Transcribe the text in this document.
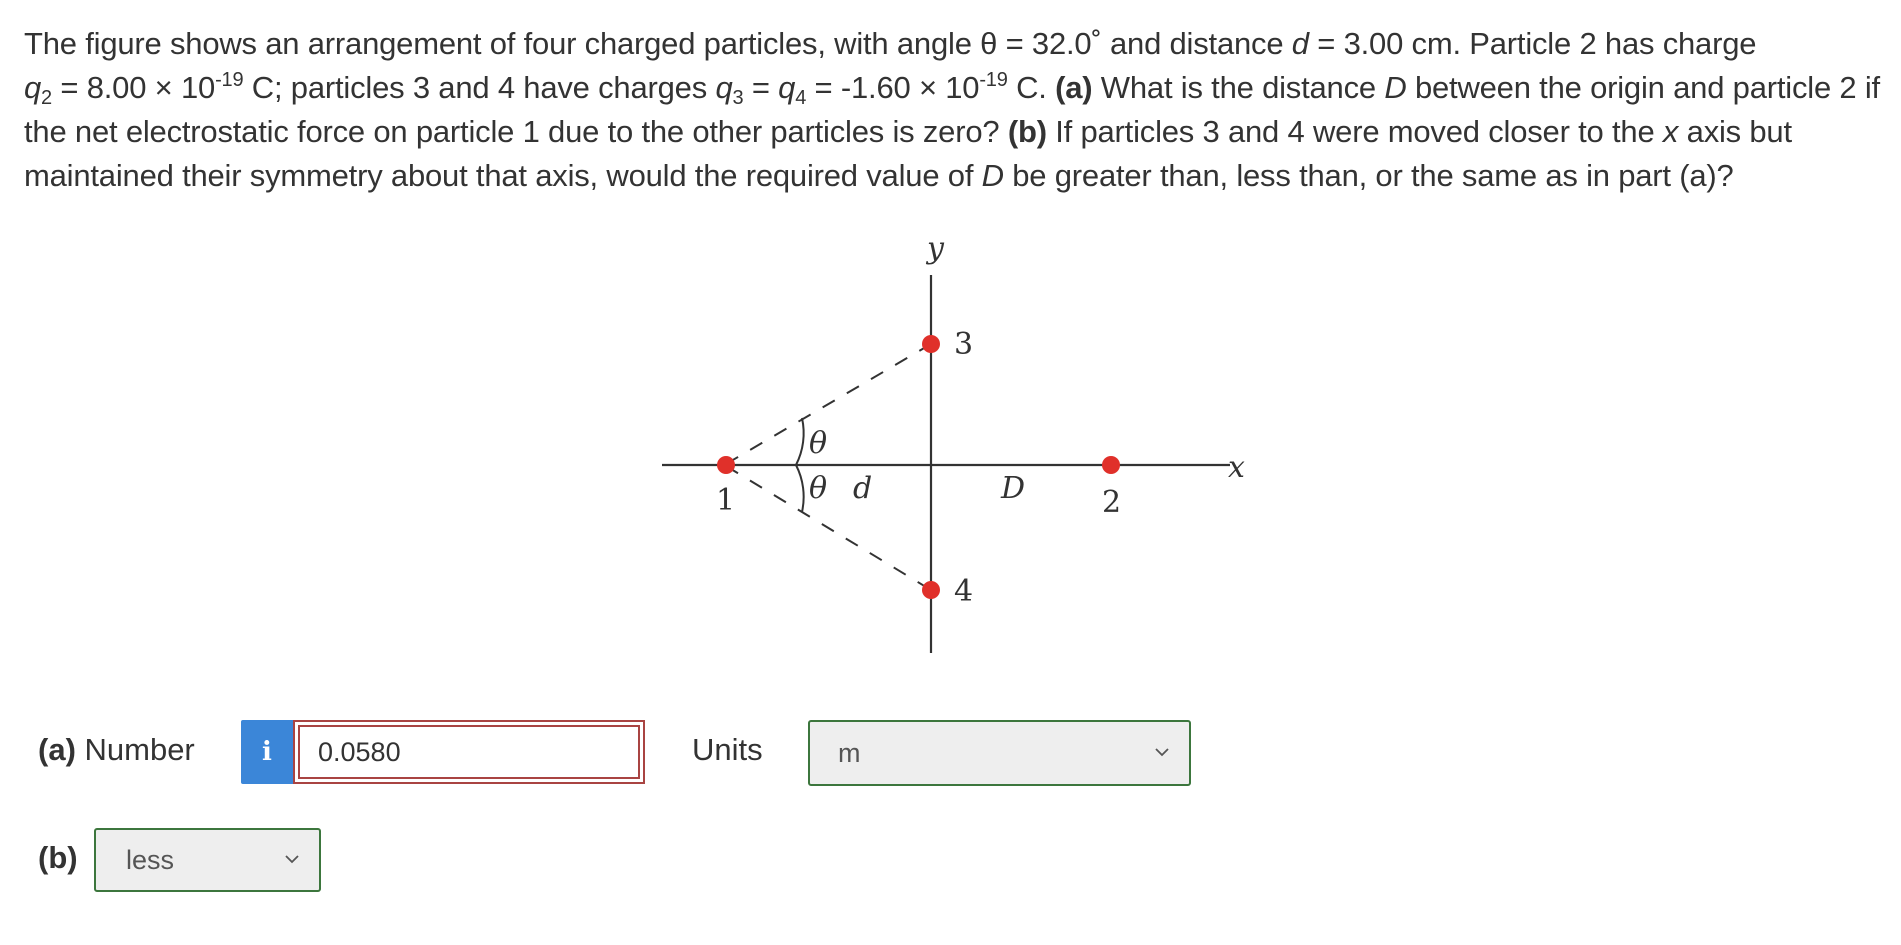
The figure shows an arrangement of four charged particles, with angle θ = 32.0˚ and distance d = 3.00 cm. Particle 2 has charge
$q_2 = 8.00 \times 10^{-19}$ C; particles 3 and 4 have charges $q_3 = q_4 = -1.60 \times 10^{-19}$ C. (a) What is the distance D between the origin and particle 2 if the net electrostatic force on particle 1 due to the other particles is zero? (b) If particles 3 and 4 were moved closer to the x axis but maintained their symmetry about that axis, would the required value of D be greater than, less than, or the same as in part (a)?
y
x
3
1	2
4
θ
θ d	D
(a) Number	i
0.0580	Units	m
(b)	less
